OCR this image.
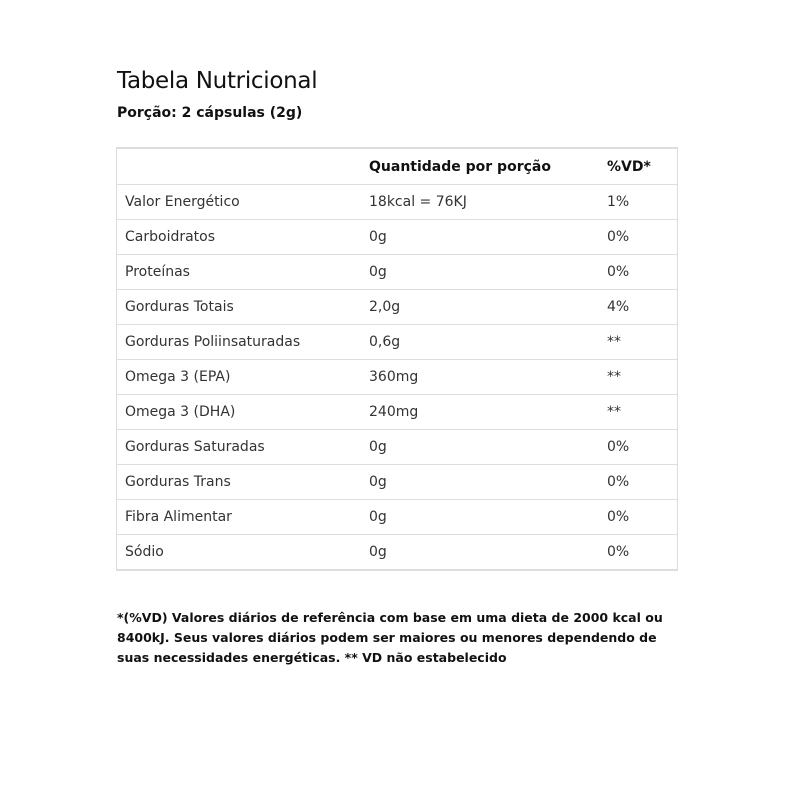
Tabela Nutricional

Porção: 2 cápsulas (2g)

	Quantidade por porção	%VD*
Valor Energético	18kcal = 76KJ	1%
Carboidratos	0g	0%
Proteínas	0g	0%
Gorduras Totais	2,0g	4%
Gorduras Poliinsaturadas	0,6g	**
Omega 3 (EPA)	360mg	**
Omega 3 (DHA)	240mg	**
Gorduras Saturadas	0g	0%
Gorduras Trans	0g	0%
Fibra Alimentar	0g	0%
Sódio	0g	0%

*(%VD) Valores diários de referência com base em uma dieta de 2000 kcal ou 8400kJ. Seus valores diários podem ser maiores ou menores dependendo de suas necessidades energéticas. ** VD não estabelecido
